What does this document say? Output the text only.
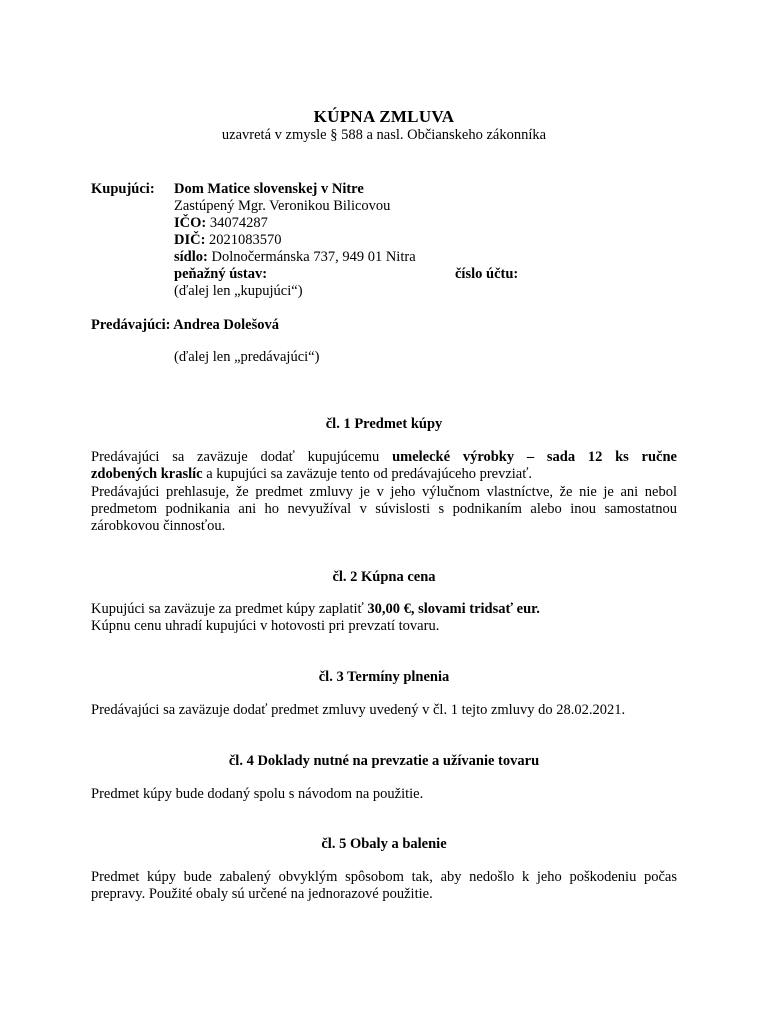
KÚPNA ZMLUVA
uzavretá v zmysle § 588 a nasl. Občianskeho zákonníka
Kupujúci: Dom Matice slovenskej v Nitre
Zastúpený Mgr. Veronikou Bilicovou
IČO: 34074287
DIČ: 2021083570
sídlo: Dolnočermánska 737, 949 01 Nitra
peňažný ústav:	číslo účtu:
(ďalej len „kupujúci“)
Predávajúci: Andrea Dolešová
(ďalej len „predávajúci“)
čl. 1 Predmet kúpy
Predávajúci sa zaväzuje dodať kupujúcemu umelecké výrobky – sada 12 ks ručne
zdobených kraslíc a kupujúci sa zaväzuje tento od predávajúceho prevziať.
Predávajúci prehlasuje, že predmet zmluvy je v jeho výlučnom vlastníctve, že nie je ani nebol predmetom podnikania ani ho nevyužíval v súvislosti s podnikaním alebo inou samostatnou zárobkovou činnosťou.
čl. 2 Kúpna cena
Kupujúci sa zaväzuje za predmet kúpy zaplatiť 30,00 €, slovami tridsať eur.
Kúpnu cenu uhradí kupujúci v hotovosti pri prevzatí tovaru.
čl. 3 Termíny plnenia
Predávajúci sa zaväzuje dodať predmet zmluvy uvedený v čl. 1 tejto zmluvy do 28.02.2021.
čl. 4 Doklady nutné na prevzatie a užívanie tovaru
Predmet kúpy bude dodaný spolu s návodom na použitie.
čl. 5 Obaly a balenie
Predmet kúpy bude zabalený obvyklým spôsobom tak, aby nedošlo k jeho poškodeniu počas prepravy. Použité obaly sú určené na jednorazové použitie.
